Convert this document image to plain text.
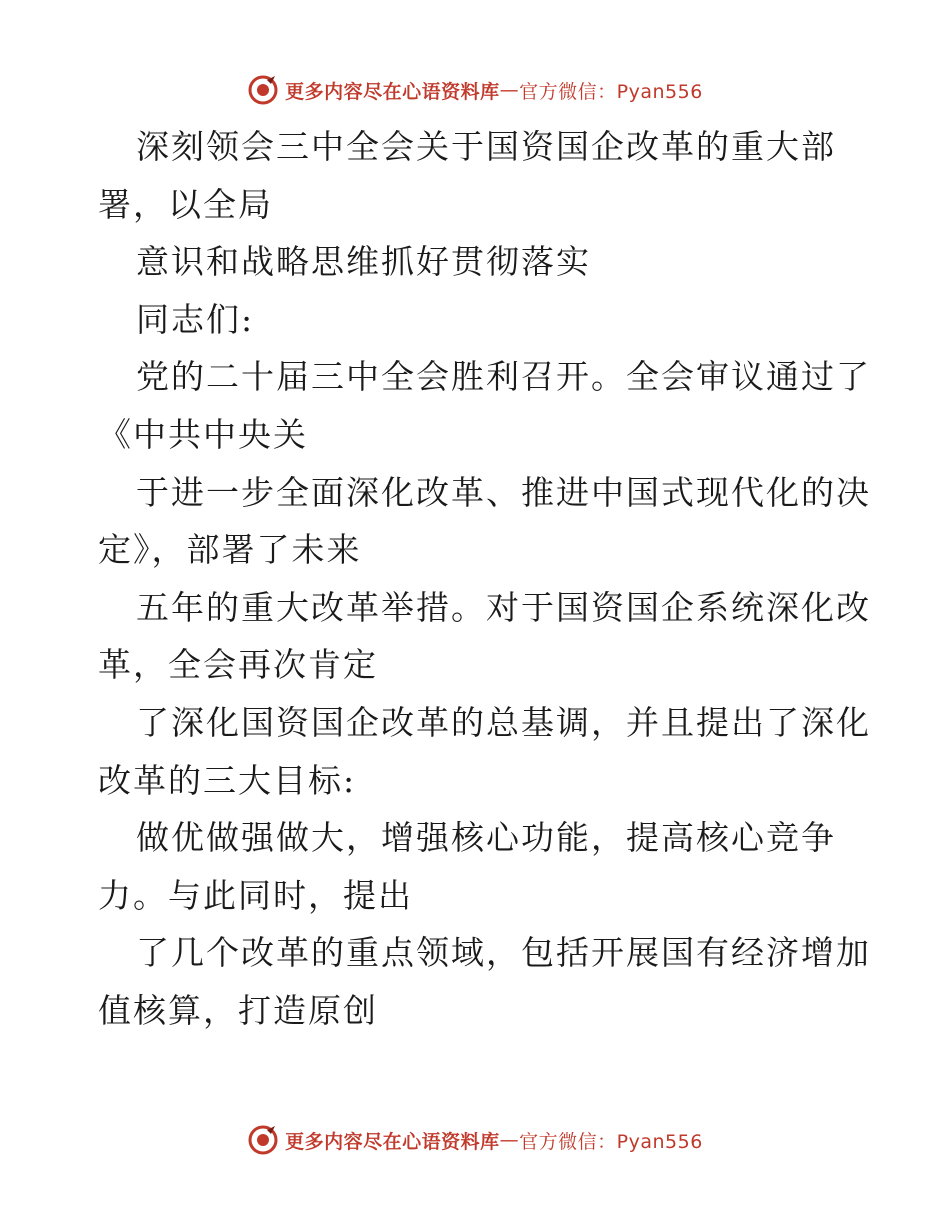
更多内容尽在心语资料库 — 官方微信：Pyan556
深刻领会三中全会关于国资国企改革的重大部
署，以全局
意识和战略思维抓好贯彻落实
同志们:
党的二十届三中全会胜利召开。全会审议通过了
《中共中央关
于进一步全面深化改革、推进中国式现代化的决
定》，部署了未来
五年的重大改革举措。对于国资国企系统深化改
革，全会再次肯定
了深化国资国企改革的总基调，并且提出了深化
改革的三大目标:
做优做强做大，增强核心功能，提高核心竞争
力。与此同时，提出
了几个改革的重点领域，包括开展国有经济增加
值核算，打造原创
更多内容尽在心语资料库 — 官方微信：Pyan556
